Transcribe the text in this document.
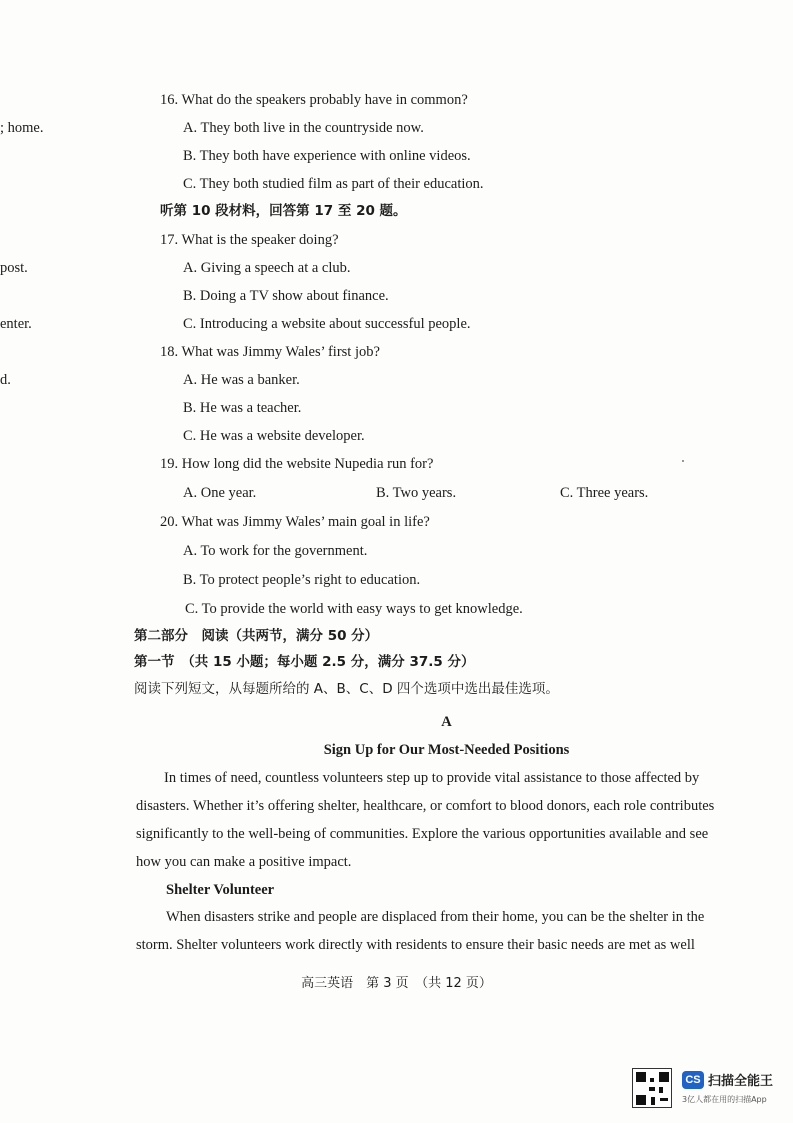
; home.
post.
enter.
d.
16. What do the speakers probably have in common?
A. They both live in the countryside now.
B. They both have experience with online videos.
C. They both studied film as part of their education.
听第 10 段材料，回答第 17 至 20 题。
17. What is the speaker doing?
A. Giving a speech at a club.
B. Doing a TV show about finance.
C. Introducing a website about successful people.
18. What was Jimmy Wales’ first job?
A. He was a banker.
B. He was a teacher.
C. He was a website developer.
19. How long did the website Nupedia run for?
A. One year.	B. Two years.	C. Three years.
20. What was Jimmy Wales’ main goal in life?
A. To work for the government.
B. To protect people’s right to education.
C. To provide the world with easy ways to get knowledge.
第二部分　阅读（共两节，满分 50 分）
第一节　（共 15 小题；每小题 2.5 分，满分 37.5 分）
阅读下列短文，从每题所给的 A、B、C、D 四个选项中选出最佳选项。
A
Sign Up for Our Most-Needed Positions
In times of need, countless volunteers step up to provide vital assistance to those affected by
disasters. Whether it’s offering shelter, healthcare, or comfort to blood donors, each role contributes
significantly to the well-being of communities. Explore the various opportunities available and see
how you can make a positive impact.
Shelter Volunteer
When disasters strike and people are displaced from their home, you can be the shelter in the
storm. Shelter volunteers work directly with residents to ensure their basic needs are met as well
高三英语　第 3 页　（共 12 页）
CS 扫描全能王
3亿人都在用的扫描App
